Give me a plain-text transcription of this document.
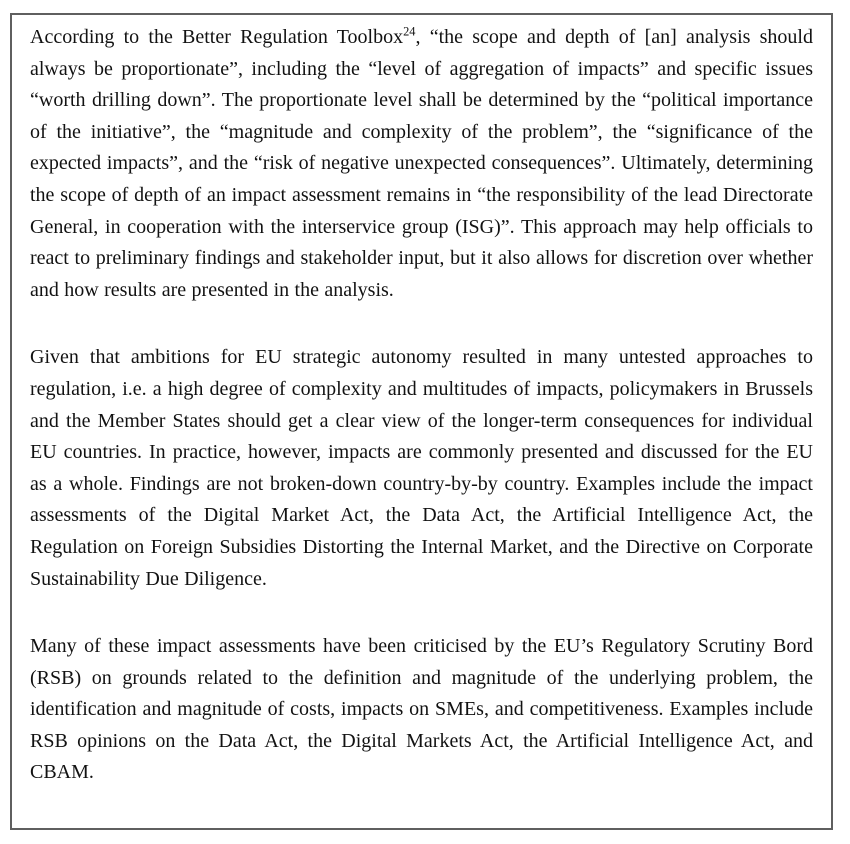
According to the Better Regulation Toolbox$^{24}$, “the scope and depth of [an] analysis should always be proportionate”, including the “level of aggregation of impacts” and specific issues “worth drilling down”. The proportionate level shall be determined by the “political importance of the initiative”, the “magnitude and complexity of the problem”, the “significance of the expected impacts”, and the “risk of negative unexpected consequences”. Ultimately, determining the scope of depth of an impact assessment remains in “the responsibility of the lead Directorate General, in cooperation with the interservice group (ISG)”. This approach may help officials to react to preliminary findings and stakeholder input, but it also allows for discretion over whether and how results are presented in the analysis.

Given that ambitions for EU strategic autonomy resulted in many untested approaches to regulation, i.e. a high degree of complexity and multitudes of impacts, policymakers in Brussels and the Member States should get a clear view of the longer-term consequences for individual EU countries. In practice, however, impacts are commonly presented and discussed for the EU as a whole. Findings are not broken-down country-by-by country. Examples include the impact assessments of the Digital Market Act, the Data Act, the Artificial Intelligence Act, the Regulation on Foreign Subsidies Distorting the Internal Market, and the Directive on Corporate Sustainability Due Diligence.

Many of these impact assessments have been criticised by the EU’s Regulatory Scrutiny Bord (RSB) on grounds related to the definition and magnitude of the underlying problem, the identification and magnitude of costs, impacts on SMEs, and competitiveness. Examples include RSB opinions on the Data Act, the Digital Markets Act, the Artificial Intelligence Act, and CBAM.
